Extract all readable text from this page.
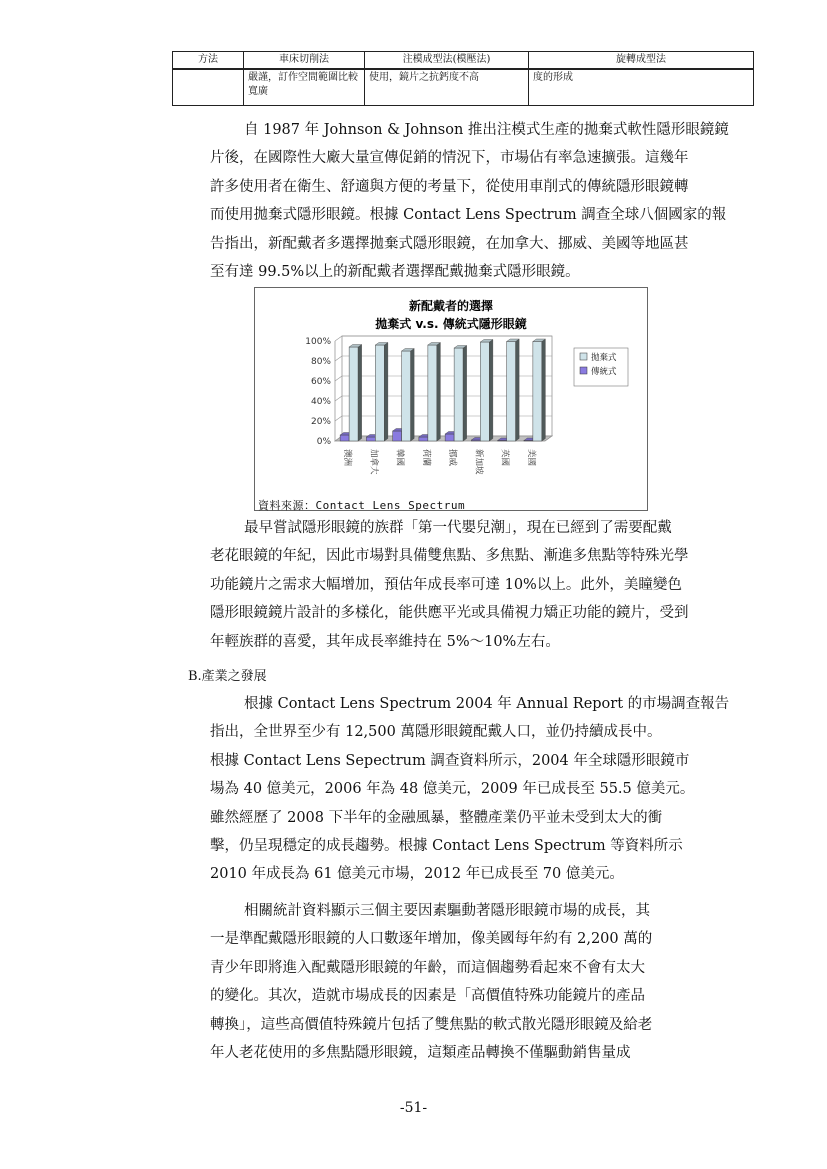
方法	車床切削法	注模成型法(模壓法)	旋轉成型法
	嚴謹，訂作空間範圍比較寬廣	使用，鏡片之抗鈣度不高	度的形成

自 1987 年 Johnson & Johnson 推出注模式生產的拋棄式軟性隱形眼鏡鏡
片後，在國際性大廠大量宣傳促銷的情況下，市場佔有率急速擴張。這幾年
許多使用者在衛生、舒適與方便的考量下，從使用車削式的傳統隱形眼鏡轉
而使用拋棄式隱形眼鏡。根據 Contact Lens Spectrum 調查全球八個國家的報
告指出，新配戴者多選擇拋棄式隱形眼鏡，在加拿大、挪威、美國等地區甚
至有達 99.5%以上的新配戴者選擇配戴拋棄式隱形眼鏡。

新配戴者的選擇
拋棄式 v.s. 傳統式隱形眼鏡
100%
80%
60%
40%
20%
0%
澳洲 加拿大 韓國 荷蘭 挪威 新加坡 英國 美國
拋棄式
傳統式
資料來源：Contact Lens Spectrum

最早嘗試隱形眼鏡的族群「第一代嬰兒潮」，現在已經到了需要配戴
老花眼鏡的年紀，因此市場對具備雙焦點、多焦點、漸進多焦點等特殊光學
功能鏡片之需求大幅增加，預估年成長率可達 10%以上。此外，美瞳變色
隱形眼鏡鏡片設計的多樣化，能供應平光或具備視力矯正功能的鏡片，受到
年輕族群的喜愛，其年成長率維持在 5%～10%左右。

B.產業之發展

根據 Contact Lens Spectrum 2004 年 Annual Report 的市場調查報告
指出，全世界至少有 12,500 萬隱形眼鏡配戴人口，並仍持續成長中。
根據 Contact Lens Sepectrum 調查資料所示，2004 年全球隱形眼鏡市
場為 40 億美元，2006 年為 48 億美元，2009 年已成長至 55.5 億美元。
雖然經歷了 2008 下半年的金融風暴，整體產業仍平並未受到太大的衝
擊，仍呈現穩定的成長趨勢。根據 Contact Lens Spectrum 等資料所示
2010 年成長為 61 億美元市場，2012 年已成長至 70 億美元。

相關統計資料顯示三個主要因素驅動著隱形眼鏡市場的成長，其
一是準配戴隱形眼鏡的人口數逐年增加，像美國每年約有 2,200 萬的
青少年即將進入配戴隱形眼鏡的年齡，而這個趨勢看起來不會有太大
的變化。其次，造就市場成長的因素是「高價值特殊功能鏡片的產品
轉換」，這些高價值特殊鏡片包括了雙焦點的軟式散光隱形眼鏡及給老
年人老花使用的多焦點隱形眼鏡，這類產品轉換不僅驅動銷售量成

-51-
